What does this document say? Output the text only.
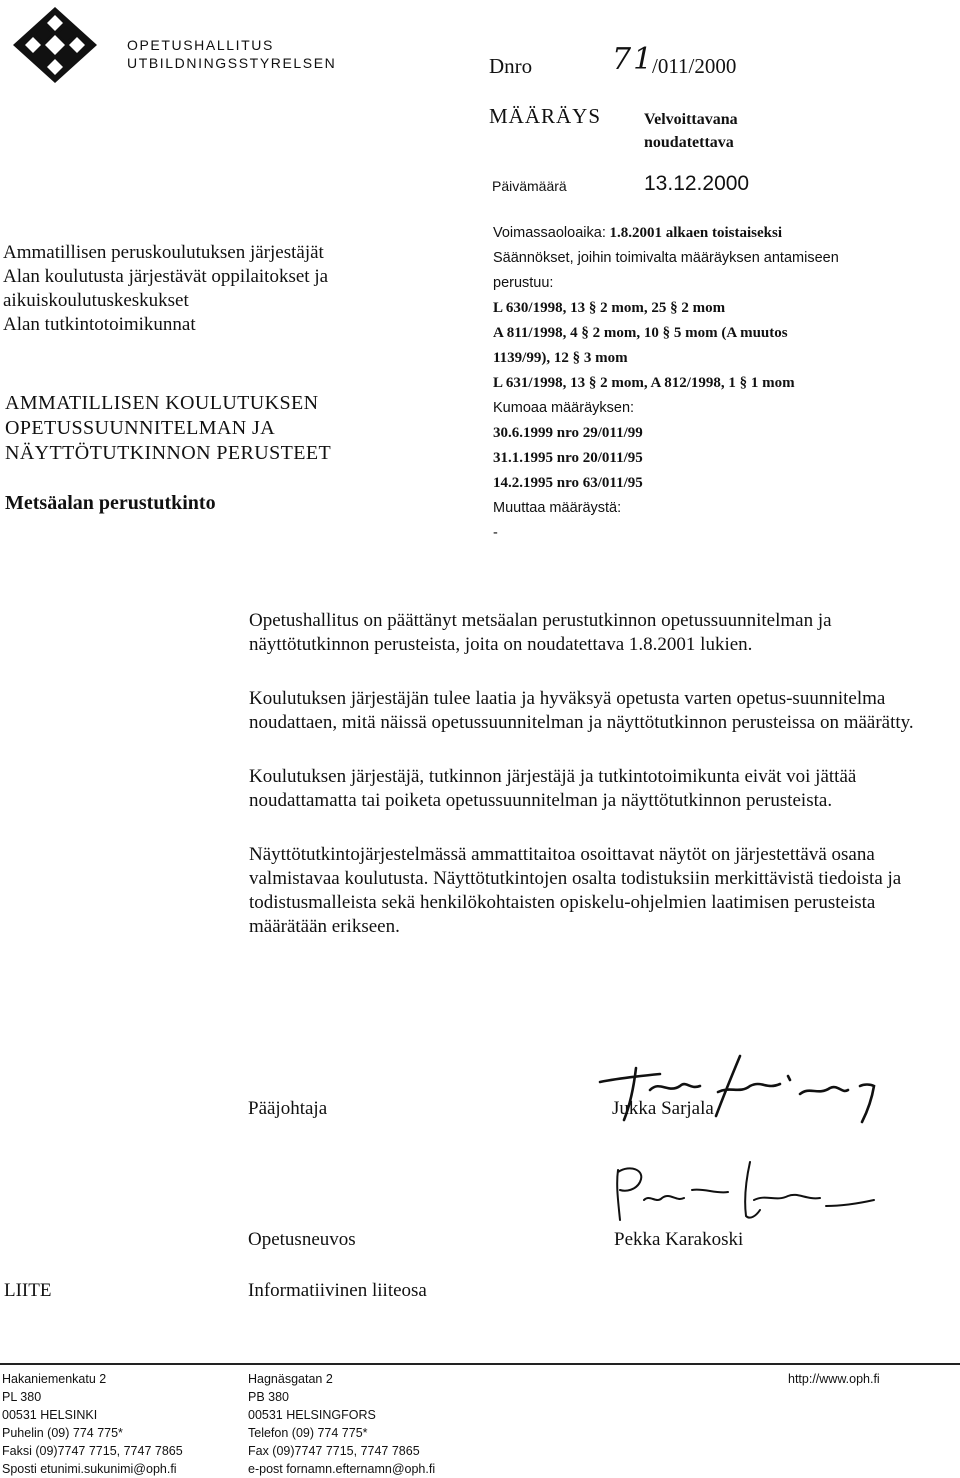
OPETUSHALLITUS
UTBILDNINGSSTYRELSEN	Dnro	71
/011/2000
MÄÄRÄYS	Velvoittavana
noudatettava
Päivämäärä	13.12.2000
Ammatillisen peruskoulutuksen järjestäjät
Alan koulutusta järjestävät oppilaitokset ja
aikuiskoulutuskeskukset
Alan tutkintotoimikunnat
AMMATILLISEN KOULUTUKSEN
OPETUSSUUNNITELMAN JA
NÄYTTÖTUTKINNON PERUSTEET
Metsäalan perustutkinto
Voimassaoloaika: 1.8.2001 alkaen toistaiseksi
Säännökset, joihin toimivalta määräyksen antamiseen
perustuu:
L 630/1998, 13 § 2 mom, 25 § 2 mom
A 811/1998, 4 § 2 mom, 10 § 5 mom (A muutos
1139/99), 12 § 3 mom
L 631/1998, 13 § 2 mom, A 812/1998, 1 § 1 mom
Kumoaa määräyksen:
30.6.1999 nro 29/011/99
31.1.1995 nro 20/011/95
14.2.1995 nro 63/011/95
Muuttaa määräystä:
-

Opetushallitus on päättänyt metsäalan perustutkinnon opetussuunnitelman ja näyttötutkinnon perusteista, joita on noudatettava 1.8.2001 lukien.

Koulutuksen järjestäjän tulee laatia ja hyväksyä opetusta varten opetus-suunnitelma noudattaen, mitä näissä opetussuunnitelman ja näyttötutkinnon perusteissa on määrätty.

Koulutuksen järjestäjä, tutkinnon järjestäjä ja tutkintotoimikunta eivät voi jättää noudattamatta tai poiketa opetussuunnitelman ja näyttötutkinnon perusteista.

Näyttötutkintojärjestelmässä ammattitaitoa osoittavat näytöt on järjestettävä osana valmistavaa koulutusta. Näyttötutkintojen osalta todistuksiin merkittävistä tiedoista ja todistusmalleista sekä henkilökohtaisten opiskelu-ohjelmien laatimisen perusteista määrätään erikseen.

Pääjohtaja	Jukka Sarjala
Opetusneuvos	Pekka Karakoski
LIITE	Informatiivinen liiteosa
Hakaniemenkatu 2
PL 380
00531 HELSINKI
Puhelin (09) 774 775*
Faksi (09)7747 7715, 7747 7865
Sposti etunimi.sukunimi@oph.fi
Hagnäsgatan 2
PB 380
00531 HELSINGFORS
Telefon (09) 774 775*
Fax (09)7747 7715, 7747 7865
e-post fornamn.efternamn@oph.fi
http://www.oph.fi
